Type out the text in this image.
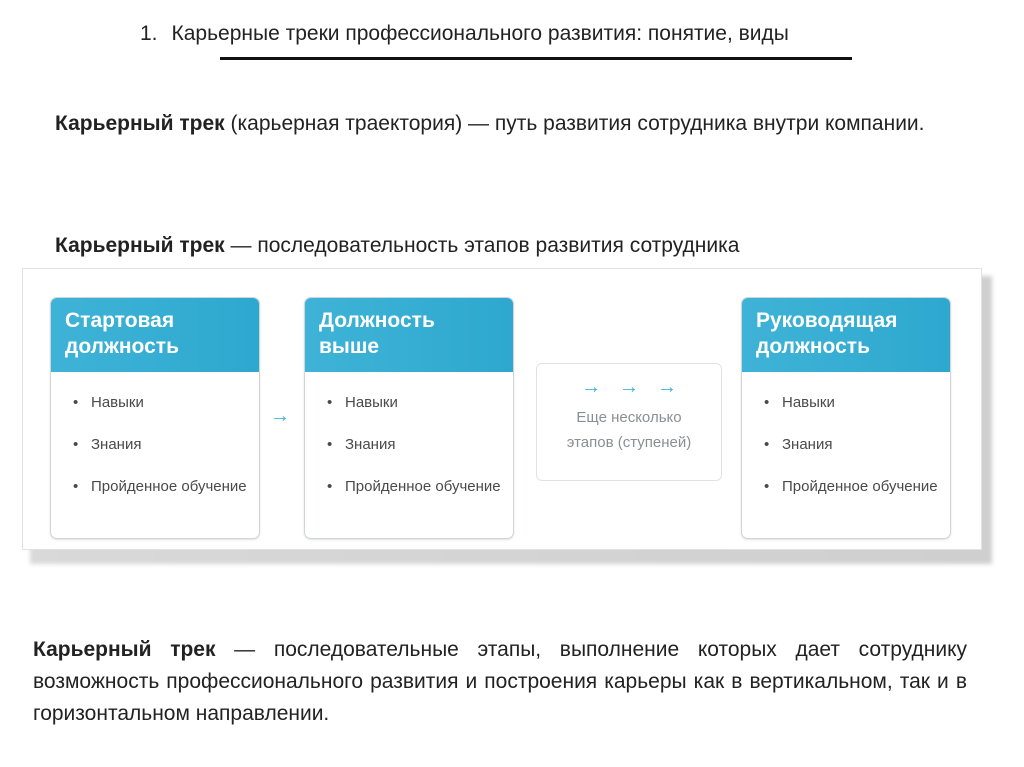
1. Карьерные треки профессионального развития: понятие, виды
Карьерный трек (карьерная траектория) — путь развития сотрудника внутри компании.
Карьерный трек — последовательность этапов развития сотрудника
Стартовая
должность
• Навыки
• Знания
• Пройденное обучение
→
Должность
выше
• Навыки
• Знания
• Пройденное обучение
→→→
Еще несколько
этапов (ступеней)
Руководящая
должность
• Навыки
• Знания
• Пройденное обучение
Карьерный трек — последовательные этапы, выполнение которых дает сотруднику возможность профессионального развития и построения карьеры как в вертикальном, так и в горизонтальном направлении.
